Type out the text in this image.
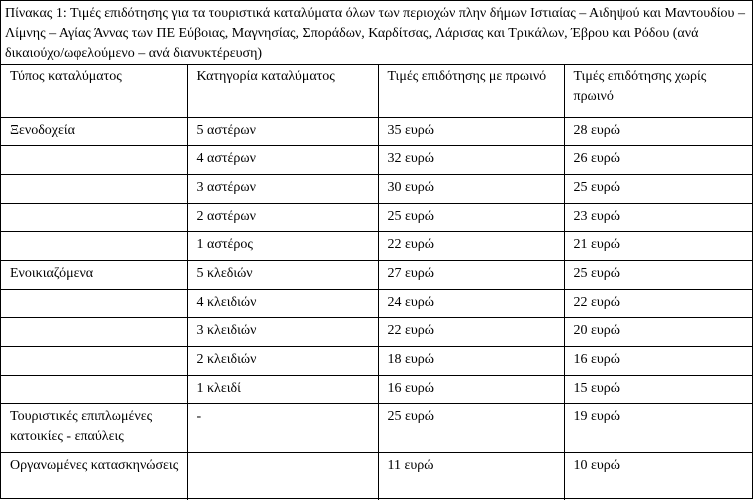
Πίνακας 1: Τιμές επιδότησης για τα τουριστικά καταλύματα όλων των περιοχών πλην δήμων Ιστιαίας – Αιδηψού και Μαντουδίου – Λίμνης – Αγίας Άννας των ΠΕ Εύβοιας, Μαγνησίας, Σποράδων, Καρδίτσας, Λάρισας και Τρικάλων, Έβρου και Ρόδου (ανά δικαιούχο/ωφελούμενο – ανά διανυκτέρευση)
Τύπος καταλύματος	Κατηγορία καταλύματος	Τιμές επιδότησης με πρωινό	Τιμές επιδότησης χωρίς πρωινό
Ξενοδοχεία	5 αστέρων	35 ευρώ	28 ευρώ
	4 αστέρων	32 ευρώ	26 ευρώ
	3 αστέρων	30 ευρώ	25 ευρώ
	2 αστέρων	25 ευρώ	23 ευρώ
	1 αστέρος	22 ευρώ	21 ευρώ
Ενοικιαζόμενα	5 κλεδιών	27 ευρώ	25 ευρώ
	4 κλειδιών	24 ευρώ	22 ευρώ
	3 κλειδιών	22 ευρώ	20 ευρώ
	2 κλειδιών	18 ευρώ	16 ευρώ
	1 κλειδί	16 ευρώ	15 ευρώ
Τουριστικές επιπλωμένες κατοικίες - επαύλεις	-	25 ευρώ	19 ευρώ
Οργανωμένες κατασκηνώσεις		11 ευρώ	10 ευρώ
